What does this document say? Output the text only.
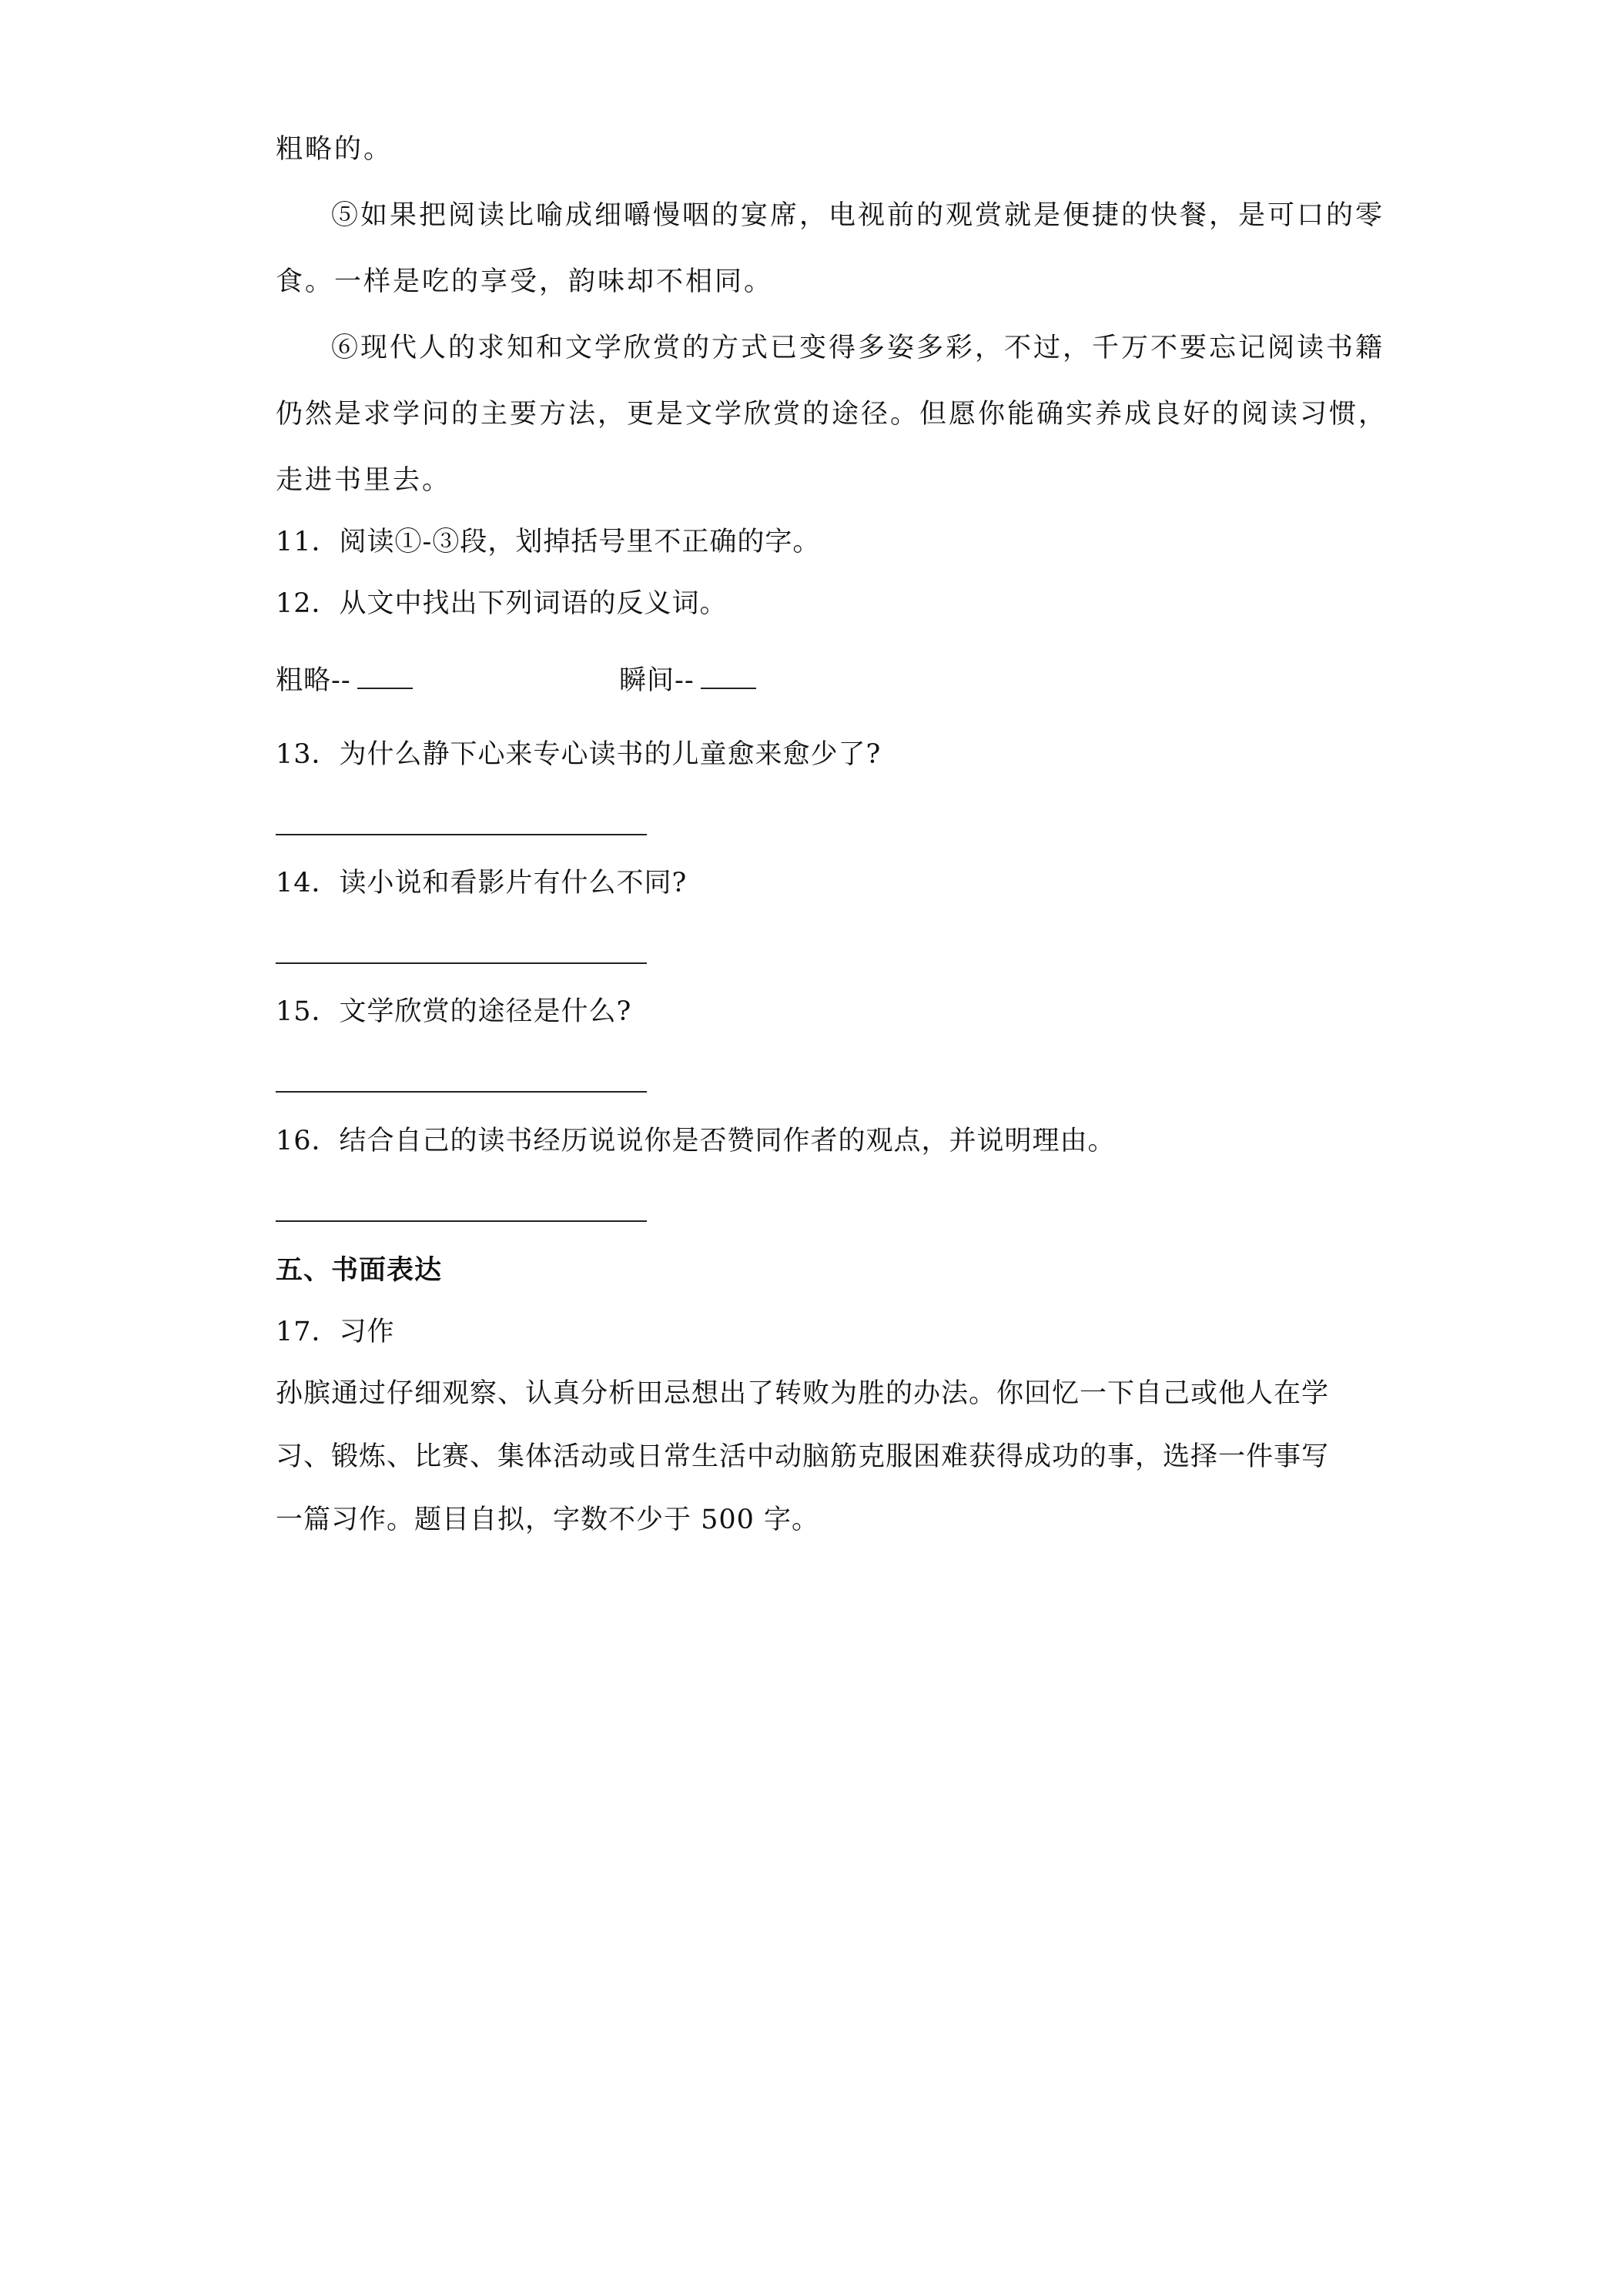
粗略的。
⑤如果把阅读比喻成细嚼慢咽的宴席，电视前的观赏就是便捷的快餐，是可口的零
食。一样是吃的享受，韵味却不相同。
⑥现代人的求知和文学欣赏的方式已变得多姿多彩，不过，千万不要忘记阅读书籍
仍然是求学问的主要方法，更是文学欣赏的途径。但愿你能确实养成良好的阅读习惯，
走进书里去。
11．阅读①-③段，划掉括号里不正确的字。
12．从文中找出下列词语的反义词。
粗略--	瞬间--
13．为什么静下心来专心读书的儿童愈来愈少了?
14．读小说和看影片有什么不同?
15．文学欣赏的途径是什么?
16．结合自己的读书经历说说你是否赞同作者的观点，并说明理由。
五、书面表达
17．习作
孙膑通过仔细观察、认真分析田忌想出了转败为胜的办法。你回忆一下自己或他人在学
习、锻炼、比赛、集体活动或日常生活中动脑筋克服困难获得成功的事，选择一件事写
一篇习作。题目自拟，字数不少于 500 字。
